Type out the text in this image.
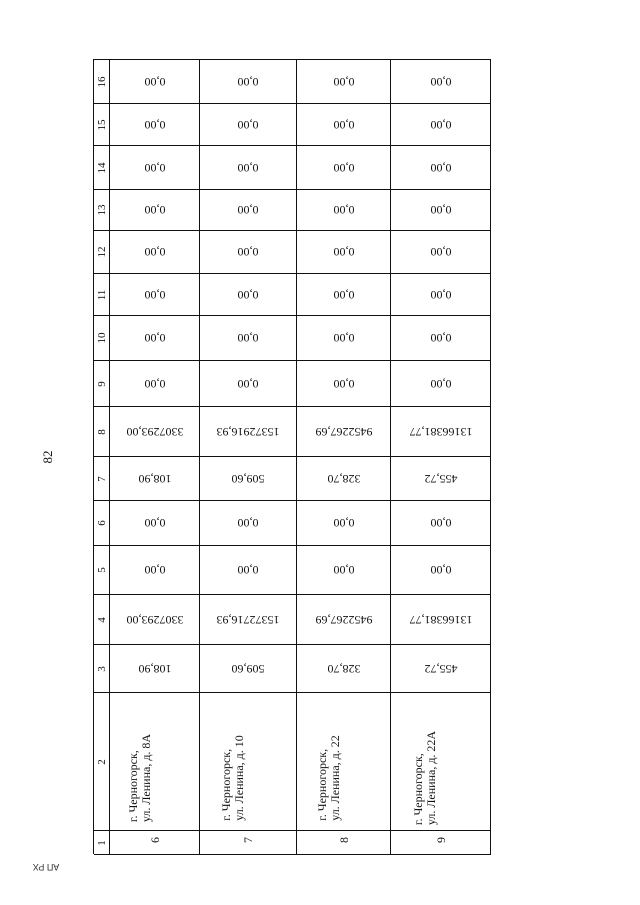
82
АП РХ
16
15
14
13
12
11
10
9
8
7
6
5
4
3
2
1
0,00
0,00
0,00
0,00
0,00
0,00
0,00
0,00
3307293,00
108,90
0,00
0,00
3307293,00
108,90
г. Черногорск, ул. Ленина, д. 8А
6
0,00
0,00
0,00
0,00
0,00
0,00
0,00
0,00
15372916,93
509,60
0,00
0,00
15372716,93
509,60
г. Черногорск, ул. Ленина, д. 10
7
0,00
0,00
0,00
0,00
0,00
0,00
0,00
0,00
9452267,69
328,70
0,00
0,00
9452267,69
328,70
г. Черногорск, ул. Ленина, д. 22
8
0,00
0,00
0,00
0,00
0,00
0,00
0,00
0,00
13166381,77
455,72
0,00
0,00
13166381,77
455,72
г. Черногорск, ул. Ленина, д. 22А
9
